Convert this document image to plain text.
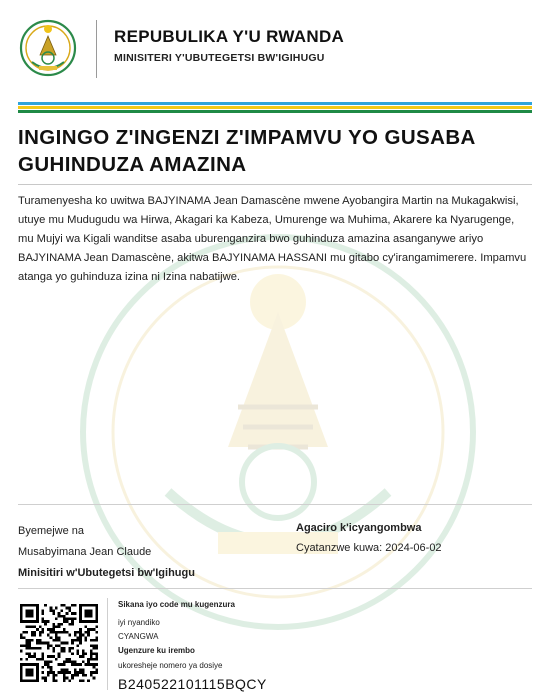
REPUBULIKA Y'U RWANDA
MINISITERI Y'UBUTEGETSI BW'IGIHUGU
INGINGO Z'INGENZI Z'IMPAMVU YO GUSABA GUHINDUZA AMAZINA
Turamenyesha ko uwitwa BAJYINAMA Jean Damascène mwene Ayobangira Martin na Mukagakwisi, utuye mu Mudugudu wa Hirwa, Akagari ka Kabeza, Umurenge wa Muhima, Akarere ka Nyarugenge, mu Mujyi wa Kigali wanditse asaba uburenganzira bwo guhinduza amazina asanganywe ariyo BAJYINAMA Jean Damascène, akitwa BAJYINAMA HASSANI mu gitabo cy'irangamimerere. Impamvu atanga yo guhinduza izina ni Izina nabatijwe.
Byemejwe na
Musabyimana Jean Claude
Minisitiri w'Ubutegetsi bw'Igihugu
Agaciro k'icyangombwa
Cyatanzwe kuwa: 2024-06-02
Sikana iyo code mu kugenzura
iyi nyandiko
CYANGWA
Ugenzure ku irembo
ukoresheje nomero ya dosiye
B240522101115BQCY
